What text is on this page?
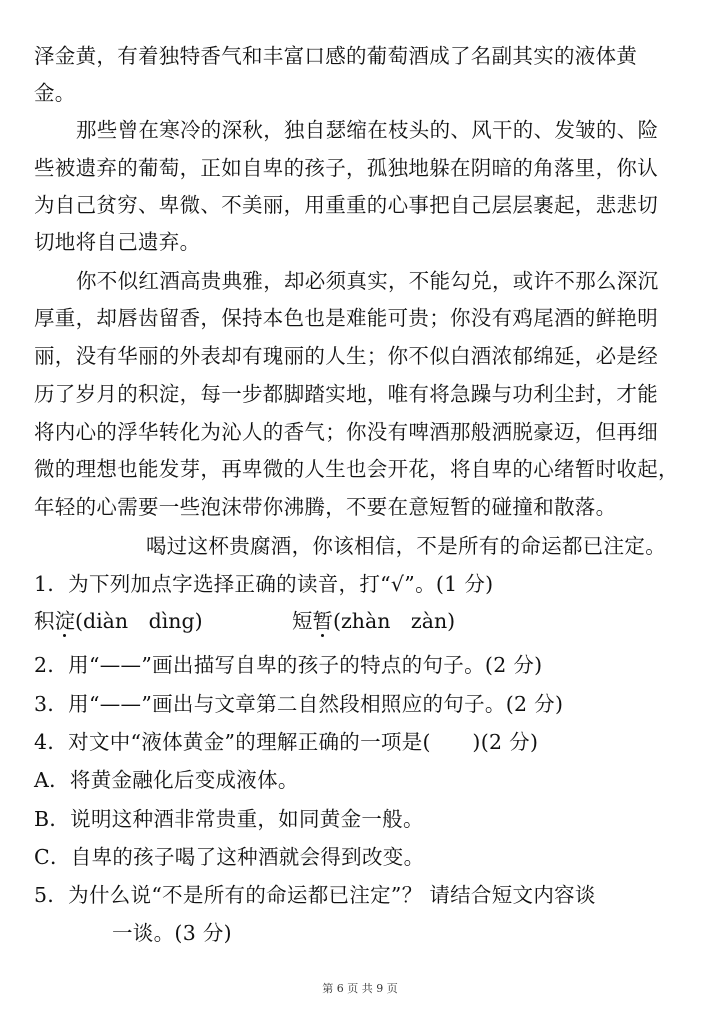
泽金黄，有着独特香气和丰富口感的葡萄酒成了名副其实的液体黄
金。
那些曾在寒冷的深秋，独自瑟缩在枝头的、风干的、发皱的、险
些被遗弃的葡萄，正如自卑的孩子，孤独地躲在阴暗的角落里，你认
为自己贫穷、卑微、不美丽，用重重的心事把自己层层裹起，悲悲切
切地将自己遗弃。
你不似红酒高贵典雅，却必须真实，不能勾兑，或许不那么深沉
厚重，却唇齿留香，保持本色也是难能可贵；你没有鸡尾酒的鲜艳明
丽，没有华丽的外表却有瑰丽的人生；你不似白酒浓郁绵延，必是经
历了岁月的积淀，每一步都脚踏实地，唯有将急躁与功利尘封，才能
将内心的浮华转化为沁人的香气；你没有啤酒那般洒脱豪迈，但再细
微的理想也能发芽，再卑微的人生也会开花，将自卑的心绪暂时收起，
年轻的心需要一些泡沫带你沸腾，不要在意短暂的碰撞和散落。
喝过这杯贵腐酒，你该相信，不是所有的命运都已注定。
1．为下列加点字选择正确的读音，打“√”。(1 分)
积淀(diàn　dìng)	短暂(zhàn　zàn)
2．用“——”画出描写自卑的孩子的特点的句子。(2 分)
3．用“——”画出与文章第二自然段相照应的句子。(2 分)
4．对文中“液体黄金”的理解正确的一项是(　　)(2 分)
A．将黄金融化后变成液体。
B．说明这种酒非常贵重，如同黄金一般。
C．自卑的孩子喝了这种酒就会得到改变。
5．为什么说“不是所有的命运都已注定”？ 请结合短文内容谈
一谈。(3 分)
第 6 页 共 9 页
